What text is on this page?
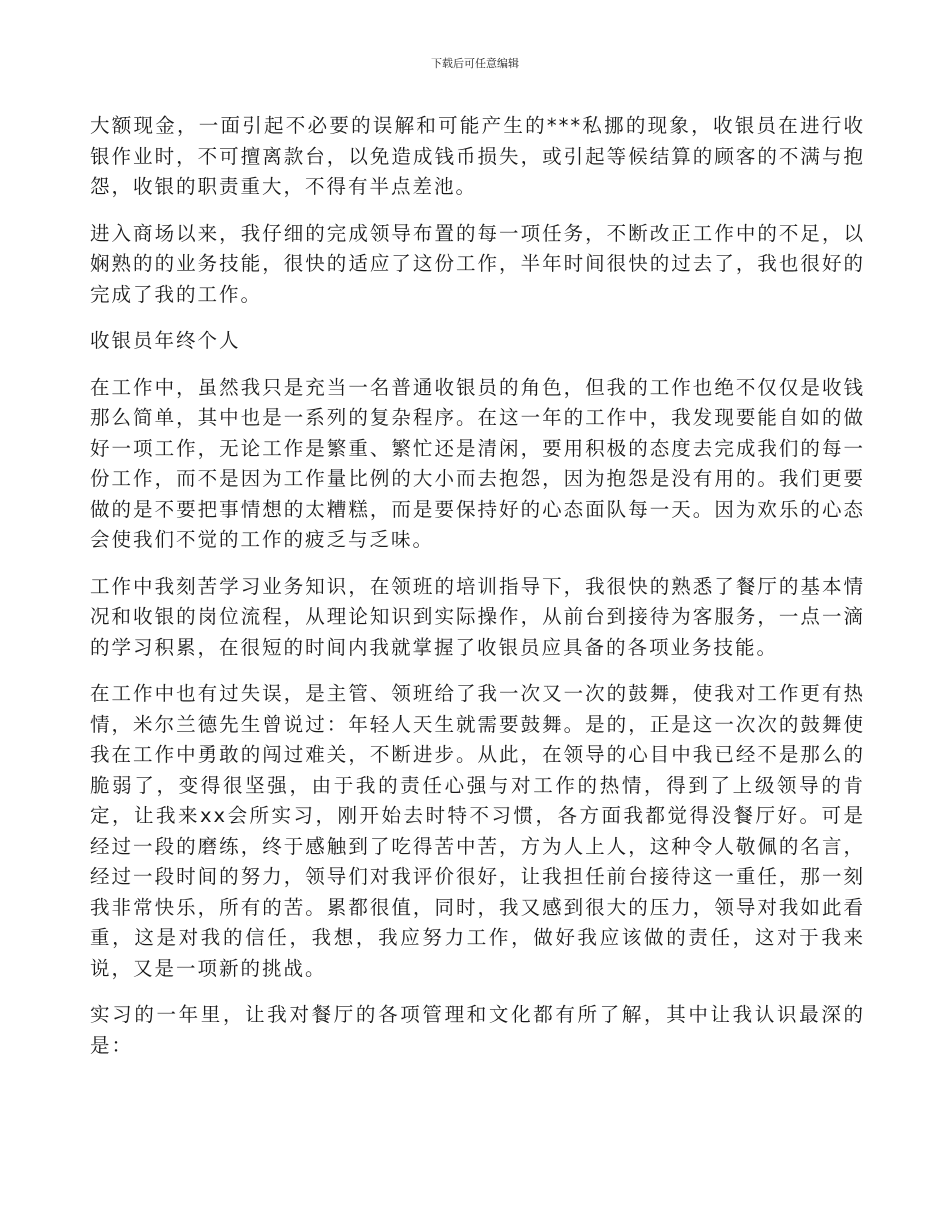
下载后可任意编辑

大额现金，一面引起不必要的误解和可能产生的***私挪的现象，收银员在进行收银作业时，不可擅离款台，以免造成钱币损失，或引起等候结算的顾客的不满与抱怨，收银的职责重大，不得有半点差池。

进入商场以来，我仔细的完成领导布置的每一项任务，不断改正工作中的不足，以娴熟的的业务技能，很快的适应了这份工作，半年时间很快的过去了，我也很好的完成了我的工作。

收银员年终个人

在工作中，虽然我只是充当一名普通收银员的角色，但我的工作也绝不仅仅是收钱那么简单，其中也是一系列的复杂程序。在这一年的工作中，我发现要能自如的做好一项工作，无论工作是繁重、繁忙还是清闲，要用积极的态度去完成我们的每一份工作，而不是因为工作量比例的大小而去抱怨，因为抱怨是没有用的。我们更要做的是不要把事情想的太糟糕，而是要保持好的心态面队每一天。因为欢乐的心态会使我们不觉的工作的疲乏与乏味。

工作中我刻苦学习业务知识，在领班的培训指导下，我很快的熟悉了餐厅的基本情况和收银的岗位流程，从理论知识到实际操作，从前台到接待为客服务，一点一滴的学习积累，在很短的时间内我就掌握了收银员应具备的各项业务技能。

在工作中也有过失误，是主管、领班给了我一次又一次的鼓舞，使我对工作更有热情，米尔兰德先生曾说过：年轻人天生就需要鼓舞。是的，正是这一次次的鼓舞使我在工作中勇敢的闯过难关，不断进步。从此，在领导的心目中我已经不是那么的脆弱了，变得很坚强，由于我的责任心强与对工作的热情，得到了上级领导的肯定，让我来xx会所实习，刚开始去时特不习惯，各方面我都觉得没餐厅好。可是经过一段的磨练，终于感触到了吃得苦中苦，方为人上人，这种令人敬佩的名言，经过一段时间的努力，领导们对我评价很好，让我担任前台接待这一重任，那一刻我非常快乐，所有的苦。累都很值，同时，我又感到很大的压力，领导对我如此看重，这是对我的信任，我想，我应努力工作，做好我应该做的责任，这对于我来说，又是一项新的挑战。

实习的一年里，让我对餐厅的各项管理和文化都有所了解，其中让我认识最深的是：
